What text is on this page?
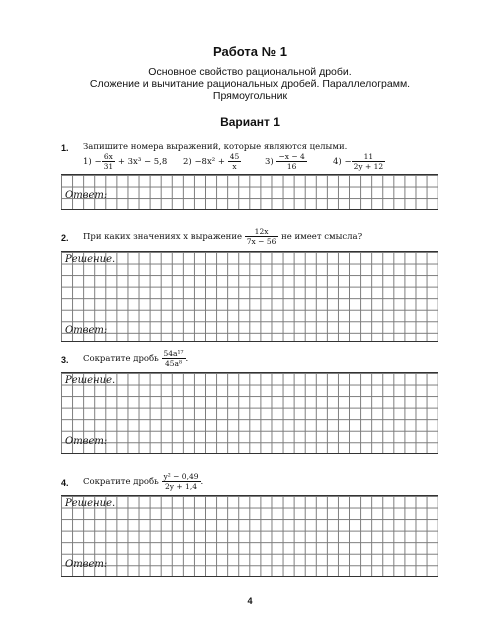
Работа № 1
Основное свойство рациональной дроби.
Сложение и вычитание рациональных дробей. Параллелограмм.
Прямоугольник
Вариант 1
1. Запишите номера выражений, которые являются целыми.
$1) - \frac{6x}{31} + 3x^3 - 5,8$ $2) -8x^2 + \frac{45}{x}$	$3) \frac{-x - 4}{16}$	$4) - \frac{11}{2y + 12}$
Ответ:
2. При каких значениях x выражение $\frac{12x}{7x - 56}$ не имеет смысла?
Решение.
Ответ:
3. Сократите дробь $\frac{\text{54a¹⁷}}{\text{45a⁸}}$ .
Решение.
Ответ:
4. Сократите дробь $\frac{\text{y² − 0,49}}{2y + 1,4}$ .
Решение.
Ответ:
4
